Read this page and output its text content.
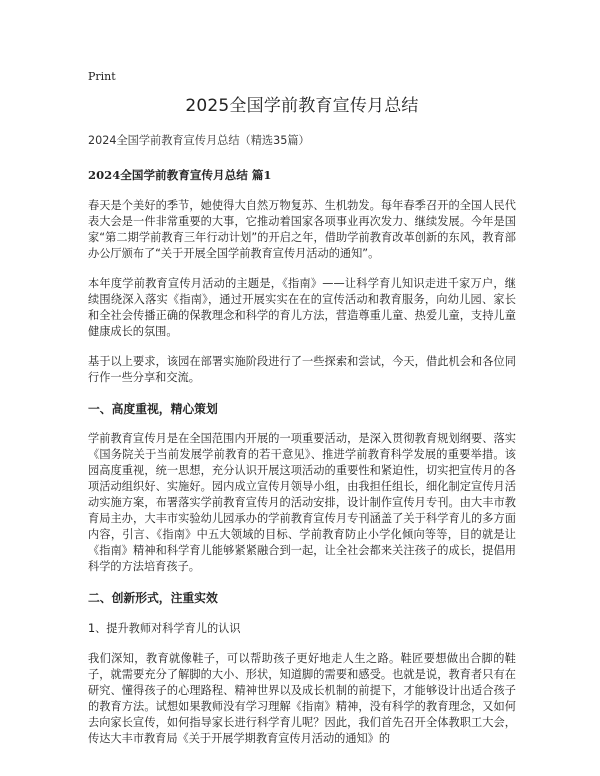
Print
2025全国学前教育宣传月总结

2024全国学前教育宣传月总结（精选35篇）

2024全国学前教育宣传月总结 篇1

春天是个美好的季节，她使得大自然万物复苏、生机勃发。每年春季召开的全国人民代表大会是一件非常重要的大事，它推动着国家各项事业再次发力、继续发展。今年是国家“第二期学前教育三年行动计划”的开启之年，借助学前教育改革创新的东风，教育部办公厅颁布了“关于开展全国学前教育宣传月活动的通知”。

本年度学前教育宣传月活动的主题是，《指南》——让科学育儿知识走进千家万户，继续围绕深入落实《指南》，通过开展实实在在的宣传活动和教育服务，向幼儿园、家长和全社会传播正确的保教理念和科学的育儿方法，营造尊重儿童、热爱儿童，支持儿童健康成长的氛围。

基于以上要求，该园在部署实施阶段进行了一些探索和尝试，今天，借此机会和各位同行作一些分享和交流。

一、高度重视，精心策划

学前教育宣传月是在全国范围内开展的一项重要活动，是深入贯彻教育规划纲要、落实《国务院关于当前发展学前教育的若干意见》、推进学前教育科学发展的重要举措。该园高度重视，统一思想，充分认识开展这项活动的重要性和紧迫性，切实把宣传月的各项活动组织好、实施好。园内成立宣传月领导小组，由我担任组长，细化制定宣传月活动实施方案，布署落实学前教育宣传月的活动安排，设计制作宣传月专刊。由大丰市教育局主办，大丰市实验幼儿园承办的学前教育宣传月专刊涵盖了关于科学育儿的多方面内容，引言、《指南》中五大领域的目标、学前教育防止小学化倾向等等，目的就是让《指南》精神和科学育儿能够紧紧融合到一起，让全社会都来关注孩子的成长，提倡用科学的方法培育孩子。

二、创新形式，注重实效

1、提升教师对科学育儿的认识

我们深知，教育就像鞋子，可以帮助孩子更好地走人生之路。鞋匠要想做出合脚的鞋子，就需要充分了解脚的大小、形状，知道脚的需要和感受。也就是说，教育者只有在研究、懂得孩子的心理路程、精神世界以及成长机制的前提下，才能够设计出适合孩子的教育方法。试想如果教师没有学习理解《指南》精神，没有科学的教育理念，又如何去向家长宣传，如何指导家长进行科学育儿呢？因此，我们首先召开全体教职工大会，传达大丰市教育局《关于开展学期教育宣传月活动的通知》的
